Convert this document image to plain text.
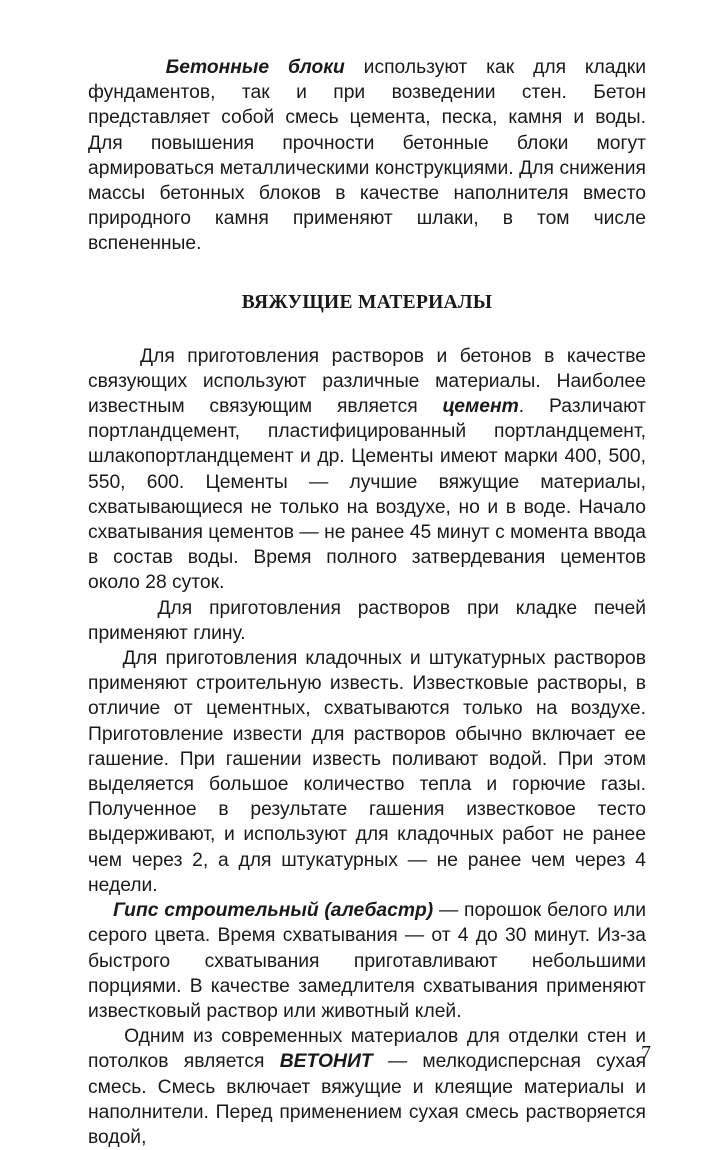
Бетонные блоки используют как для кладки фундаментов, так и при возведении стен. Бетон представляет собой смесь цемента, песка, камня и воды. Для повышения прочности бетонные блоки могут армироваться металлическими конструкциями. Для снижения массы бетонных блоков в качестве наполнителя вместо природного камня применяют шлаки, в том числе вспененные.

ВЯЖУЩИЕ МАТЕРИАЛЫ

Для приготовления растворов и бетонов в качестве связующих используют различные материалы. Наиболее известным связующим является цемент. Различают портландцемент, пластифицированный портландцемент, шлакопортландцемент и др. Цементы имеют марки 400, 500, 550, 600. Цементы — лучшие вяжущие материалы, схватывающиеся не только на воздухе, но и в воде. Начало схватывания цементов — не ранее 45 минут с момента ввода в состав воды. Время полного затвердевания цементов около 28 суток.

Для приготовления растворов при кладке печей применяют глину.

Для приготовления кладочных и штукатурных растворов применяют строительную известь. Известковые растворы, в отличие от цементных, схватываются только на воздухе. Приготовление извести для растворов обычно включает ее гашение. При гашении известь поливают водой. При этом выделяется большое количество тепла и горючие газы. Полученное в результате гашения известковое тесто выдерживают, и используют для кладочных работ не ранее чем через 2, а для штукатурных — не ранее чем через 4 недели.

Гипс строительный (алебастр) — порошок белого или серого цвета. Время схватывания — от 4 до 30 минут. Из-за быстрого схватывания приготавливают небольшими порциями. В качестве замедлителя схватывания применяют известковый раствор или животный клей.

Одним из современных материалов для отделки стен и потолков является ВЕТОНИТ — мелкодисперсная сухая смесь. Смесь включает вяжущие и клеящие материалы и наполнители. Перед применением сухая смесь растворяется водой,

7
